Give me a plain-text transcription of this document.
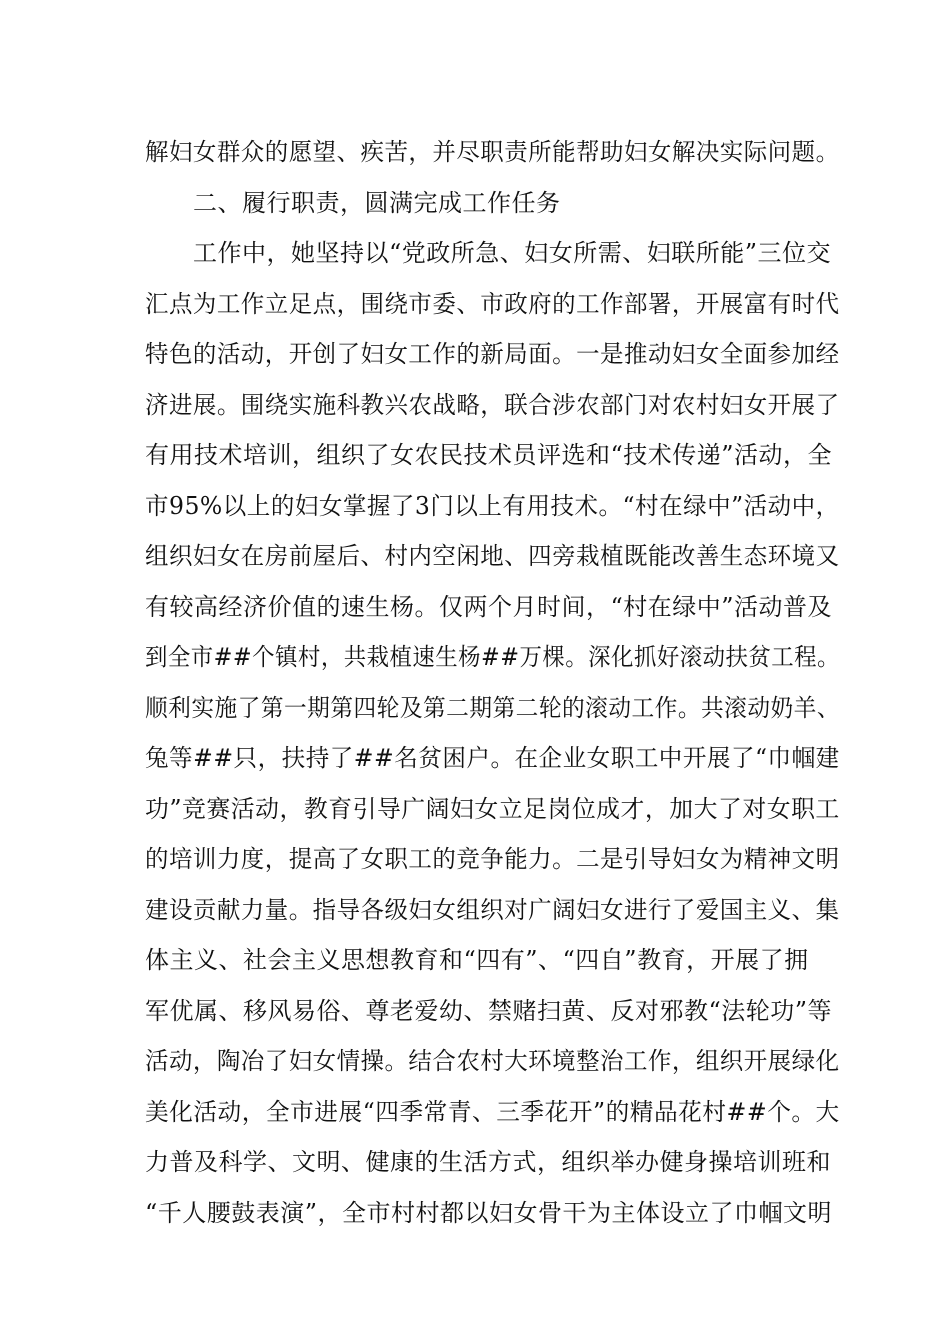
解妇女群众的愿望、疾苦，并尽职责所能帮助妇女解决实际问题。

二、履行职责，圆满完成工作任务

工作中，她坚持以“党政所急、妇女所需、妇联所能”三位交

汇点为工作立足点，围绕市委、市政府的工作部署，开展富有时代

特色的活动，开创了妇女工作的新局面。一是推动妇女全面参加经

济进展。围绕实施科教兴农战略，联合涉农部门对农村妇女开展了

有用技术培训，组织了女农民技术员评选和“技术传递”活动，全

市95%以上的妇女掌握了3门以上有用技术。“村在绿中”活动中，

组织妇女在房前屋后、村内空闲地、四旁栽植既能改善生态环境又

有较高经济价值的速生杨。仅两个月时间，“村在绿中”活动普及

到全市##个镇村，共栽植速生杨##万棵。深化抓好滚动扶贫工程。

顺利实施了第一期第四轮及第二期第二轮的滚动工作。共滚动奶羊、

兔等##只，扶持了##名贫困户。在企业女职工中开展了“巾帼建

功”竞赛活动，教育引导广阔妇女立足岗位成才，加大了对女职工

的培训力度，提高了女职工的竞争能力。二是引导妇女为精神文明

建设贡献力量。指导各级妇女组织对广阔妇女进行了爱国主义、集

体主义、社会主义思想教育和“四有”、“四自”教育，开展了拥

军优属、移风易俗、尊老爱幼、禁赌扫黄、反对邪教“法轮功”等

活动，陶冶了妇女情操。结合农村大环境整治工作，组织开展绿化

美化活动，全市进展“四季常青、三季花开”的精品花村##个。大

力普及科学、文明、健康的生活方式，组织举办健身操培训班和

“千人腰鼓表演”，全市村村都以妇女骨干为主体设立了巾帼文明
